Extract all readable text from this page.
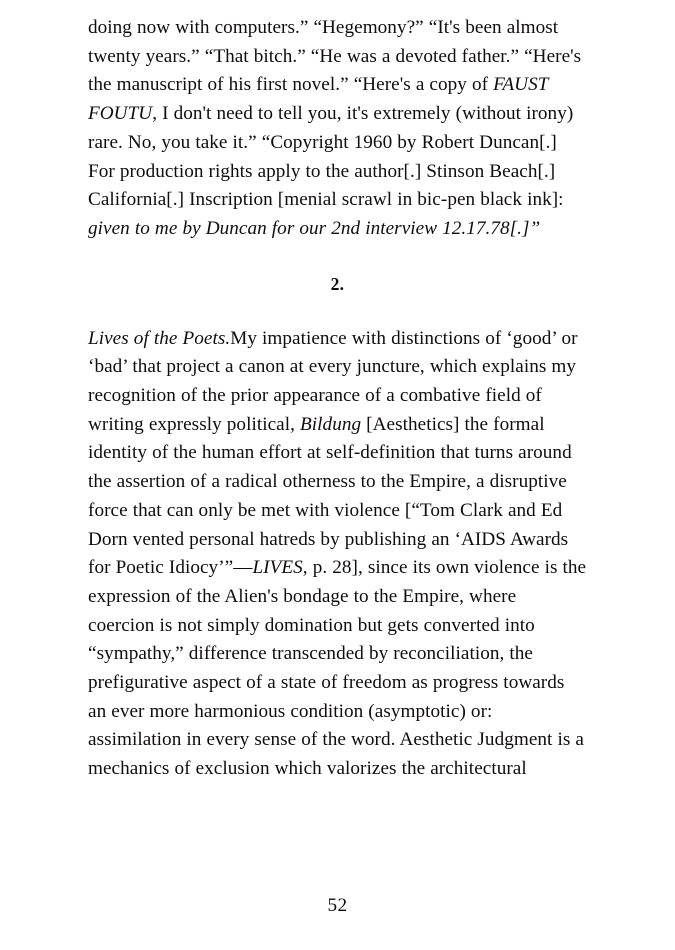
doing now with computers.” “Hegemony?” “It's been almost twenty years.” “That bitch.” “He was a devoted father.” “Here's the manuscript of his first novel.” “Here's a copy of FAUST FOUTU, I don't need to tell you, it's extremely (without irony) rare. No, you take it.” “Copyright 1960 by Robert Duncan[.] For production rights apply to the author[.] Stinson Beach[.] California[.] Inscription [menial scrawl in bic-pen black ink]: given to me by Duncan for our 2nd interview 12.17.78[.]”

2.

Lives of the Poets.My impatience with distinctions of ‘good’ or ‘bad’ that project a canon at every juncture, which explains my recognition of the prior appearance of a combative field of writing expressly political, Bildung [Aesthetics] the formal identity of the human effort at self-definition that turns around the assertion of a radical otherness to the Empire, a disruptive force that can only be met with violence [“Tom Clark and Ed Dorn vented personal hatreds by publishing an ‘AIDS Awards for Poetic Idiocy’”—LIVES, p. 28], since its own violence is the expression of the Alien's bondage to the Empire, where coercion is not simply domination but gets converted into “sympathy,” difference transcended by reconciliation, the prefigurative aspect of a state of freedom as progress towards an ever more harmonious condition (asymptotic) or: assimilation in every sense of the word. Aesthetic Judgment is a mechanics of exclusion which valorizes the architectural

52
